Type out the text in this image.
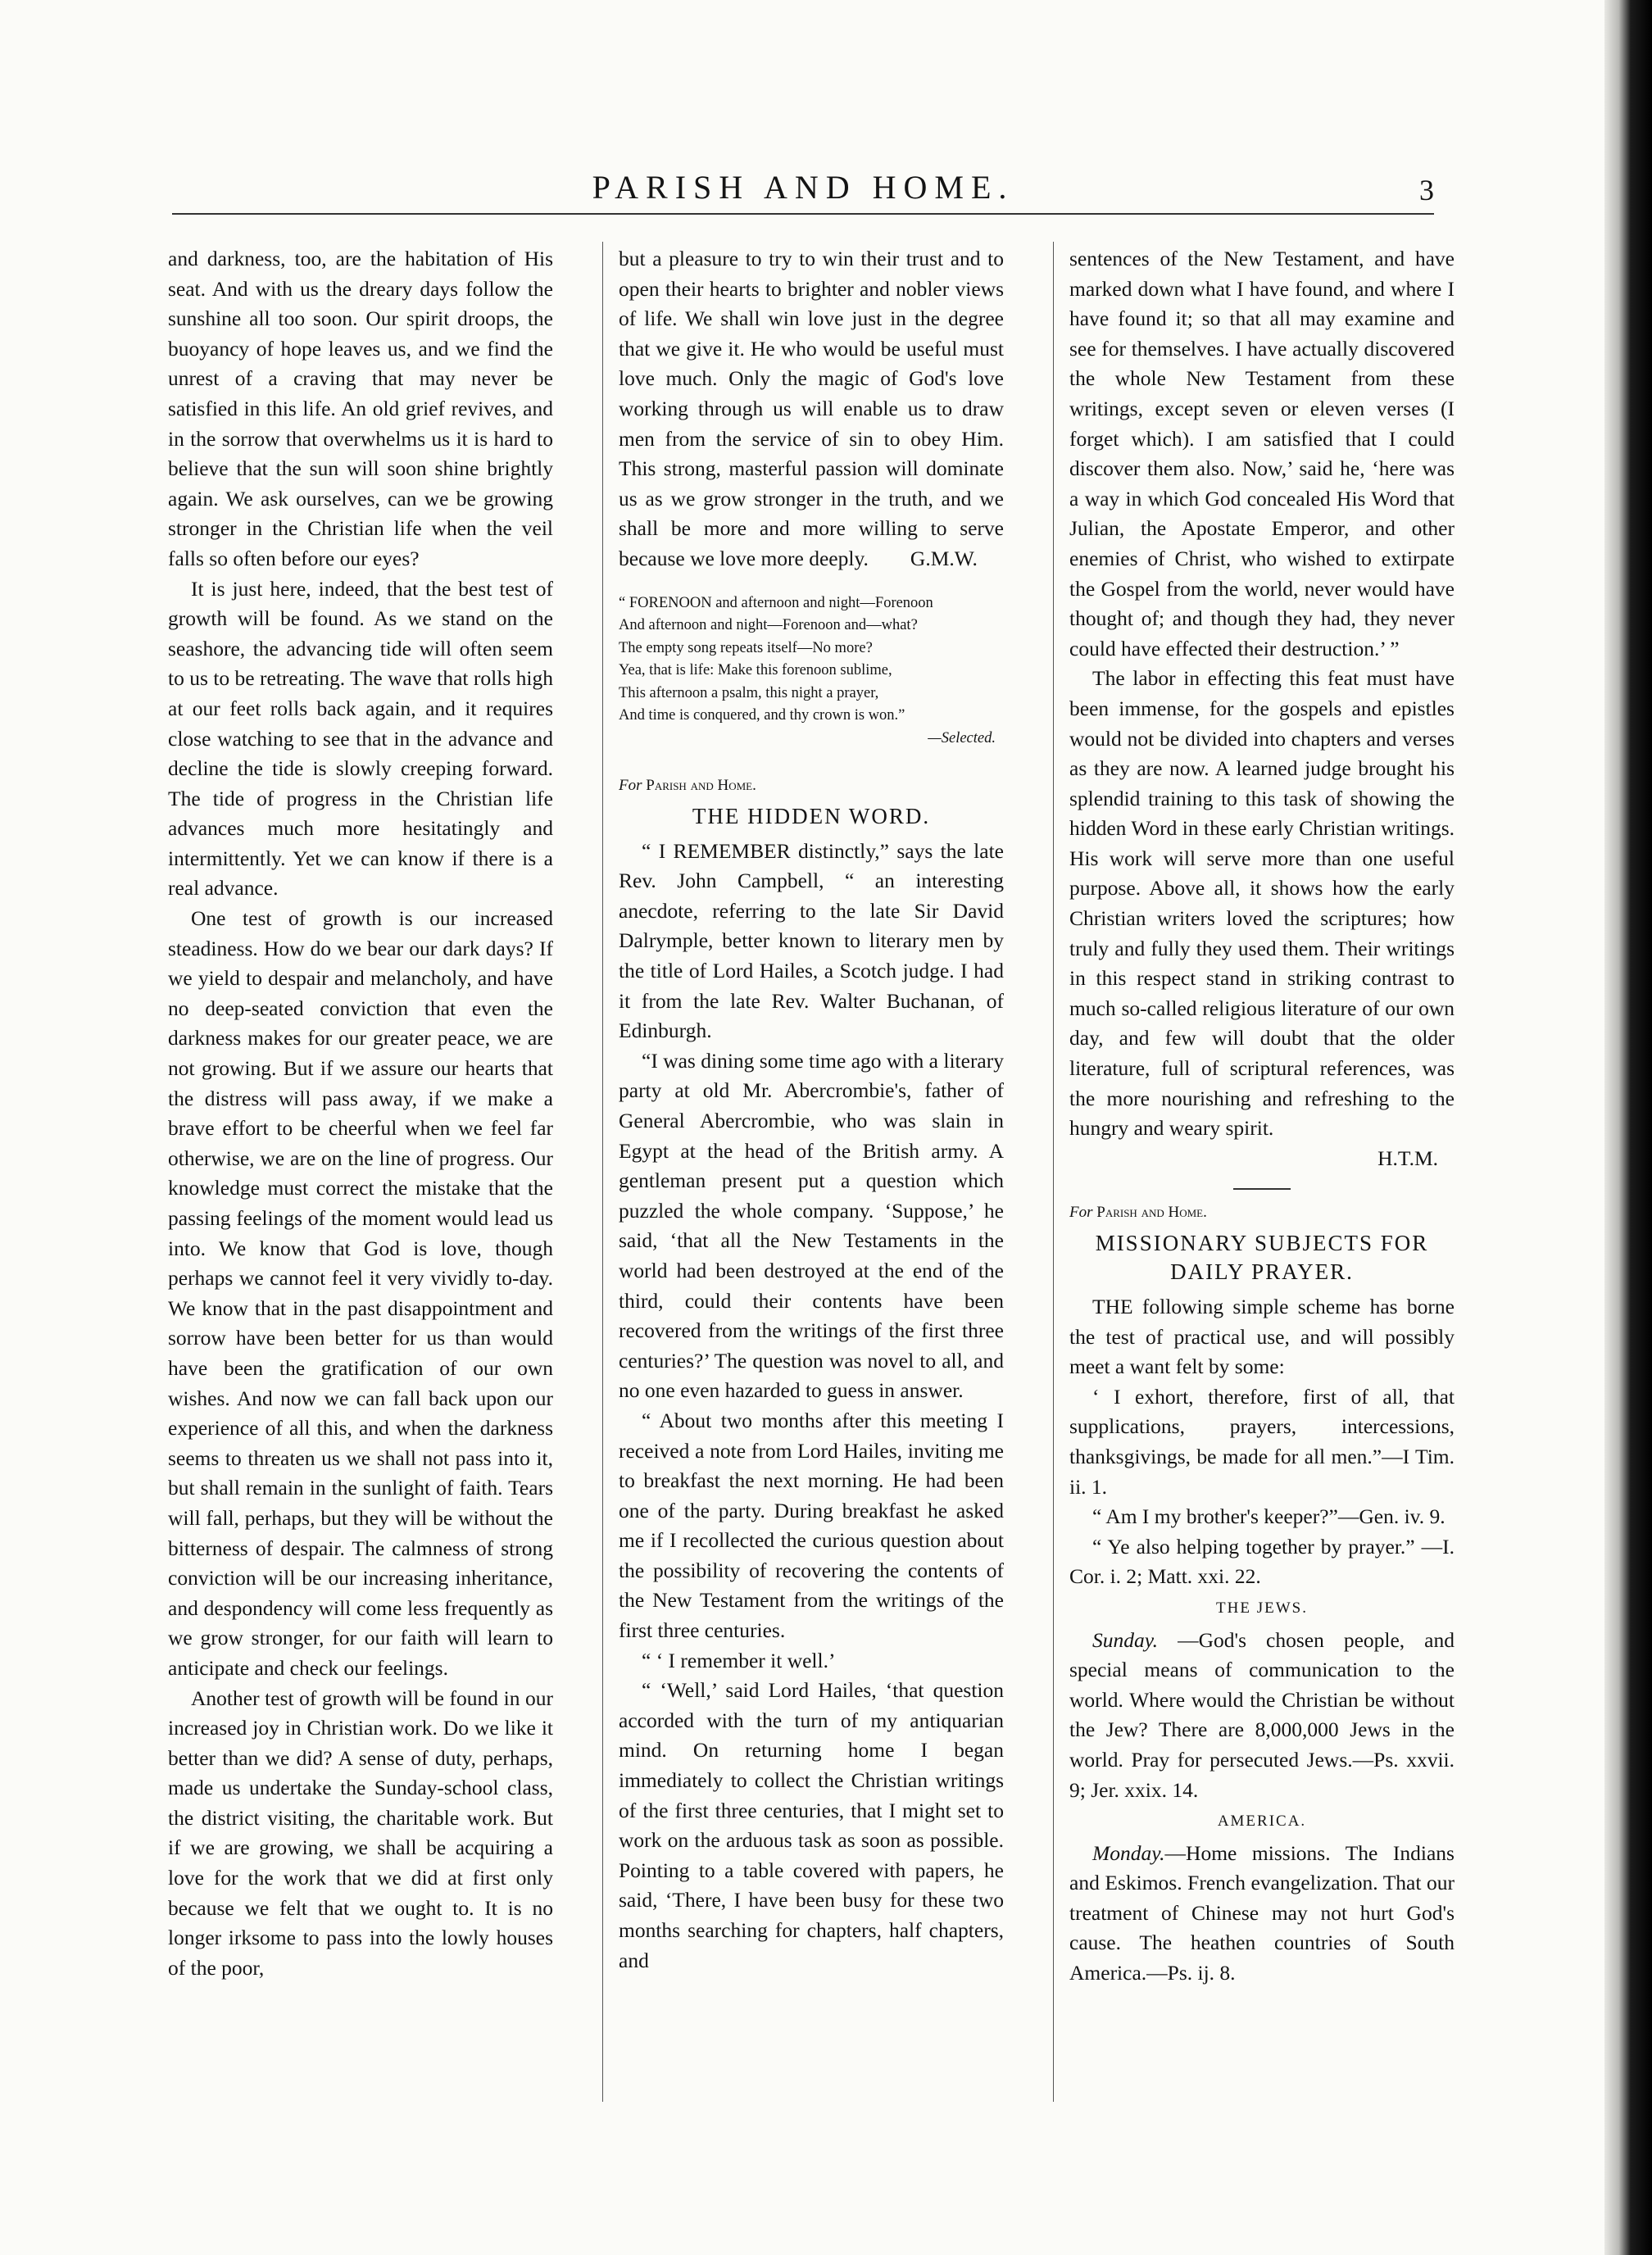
PARISH AND HOME.	3

and darkness, too, are the habitation of His seat. And with us the dreary days follow the sunshine all too soon. Our spirit droops, the buoyancy of hope leaves us, and we find the unrest of a craving that may never be satisfied in this life. An old grief revives, and in the sorrow that overwhelms us it is hard to believe that the sun will soon shine brightly again. We ask ourselves, can we be growing stronger in the Christian life when the veil falls so often before our eyes?

It is just here, indeed, that the best test of growth will be found. As we stand on the seashore, the advancing tide will often seem to us to be retreating. The wave that rolls high at our feet rolls back again, and it requires close watching to see that in the advance and decline the tide is slowly creeping forward. The tide of progress in the Christian life advances much more hesitatingly and intermittently. Yet we can know if there is a real advance.

One test of growth is our increased steadiness. How do we bear our dark days? If we yield to despair and melancholy, and have no deep-seated conviction that even the darkness makes for our greater peace, we are not growing. But if we assure our hearts that the distress will pass away, if we make a brave effort to be cheerful when we feel far otherwise, we are on the line of progress. Our knowledge must correct the mistake that the passing feelings of the moment would lead us into. We know that God is love, though perhaps we cannot feel it very vividly to-day. We know that in the past disappointment and sorrow have been better for us than would have been the gratification of our own wishes. And now we can fall back upon our experience of all this, and when the darkness seems to threaten us we shall not pass into it, but shall remain in the sunlight of faith. Tears will fall, perhaps, but they will be without the bitterness of despair. The calmness of strong conviction will be our increasing inheritance, and despondency will come less frequently as we grow stronger, for our faith will learn to anticipate and check our feelings.

Another test of growth will be found in our increased joy in Christian work. Do we like it better than we did? A sense of duty, perhaps, made us undertake the Sunday-school class, the district visiting, the charitable work. But if we are growing, we shall be acquiring a love for the work that we did at first only because we felt that we ought to. It is no longer irksome to pass into the lowly houses of the poor,

but a pleasure to try to win their trust and to open their hearts to brighter and nobler views of life. We shall win love just in the degree that we give it. He who would be useful must love much. Only the magic of God's love working through us will enable us to draw men from the service of sin to obey Him. This strong, masterful passion will dominate us as we grow stronger in the truth, and we shall be more and more willing to serve because we love more deeply. G.M.W.

“ FORENOON and afternoon and night—Forenoon
And afternoon and night—Forenoon and—what?
The empty song repeats itself—No more?
Yea, that is life: Make this forenoon sublime,
This afternoon a psalm, this night a prayer,
And time is conquered, and thy crown is won.”
—Selected.
For Parish and Home.
THE HIDDEN WORD.

“ I REMEMBER distinctly,” says the late Rev. John Campbell, “ an interesting anecdote, referring to the late Sir David Dalrymple, better known to literary men by the title of Lord Hailes, a Scotch judge. I had it from the late Rev. Walter Buchanan, of Edinburgh.

“I was dining some time ago with a literary party at old Mr. Abercrombie's, father of General Abercrombie, who was slain in Egypt at the head of the British army. A gentleman present put a question which puzzled the whole company. ‘Suppose,’ he said, ‘that all the New Testaments in the world had been destroyed at the end of the third, could their contents have been recovered from the writings of the first three centuries?’ The question was novel to all, and no one even hazarded to guess in answer.

“ About two months after this meeting I received a note from Lord Hailes, inviting me to breakfast the next morning. He had been one of the party. During breakfast he asked me if I recollected the curious question about the possibility of recovering the contents of the New Testament from the writings of the first three centuries.

“ ‘ I remember it well.’

“ ‘Well,’ said Lord Hailes, ‘that question accorded with the turn of my antiquarian mind. On returning home I began immediately to collect the Christian writings of the first three centuries, that I might set to work on the arduous task as soon as possible. Pointing to a table covered with papers, he said, ‘There, I have been busy for these two months searching for chapters, half chapters, and

sentences of the New Testament, and have marked down what I have found, and where I have found it; so that all may examine and see for themselves. I have actually discovered the whole New Testament from these writings, except seven or eleven verses (I forget which). I am satisfied that I could discover them also. Now,’ said he, ‘here was a way in which God concealed His Word that Julian, the Apostate Emperor, and other enemies of Christ, who wished to extirpate the Gospel from the world, never would have thought of; and though they had, they never could have effected their destruction.’ ”

The labor in effecting this feat must have been immense, for the gospels and epistles would not be divided into chapters and verses as they are now. A learned judge brought his splendid training to this task of showing the hidden Word in these early Christian writings. His work will serve more than one useful purpose. Above all, it shows how the early Christian writers loved the scriptures; how truly and fully they used them. Their writings in this respect stand in striking contrast to much so-called religious literature of our own day, and few will doubt that the older literature, full of scriptural references, was the more nourishing and refreshing to the hungry and weary spirit.

H.T.M.
For Parish and Home.
MISSIONARY SUBJECTS FOR
DAILY PRAYER.

THE following simple scheme has borne the test of practical use, and will possibly meet a want felt by some:

‘ I exhort, therefore, first of all, that supplications, prayers, intercessions, thanksgivings, be made for all men.”—I Tim. ii. 1.

“ Am I my brother's keeper?”—Gen. iv. 9.

“ Ye also helping together by prayer.” —I. Cor. i. 2; Matt. xxi. 22.

THE JEWS.

Sunday. —God's chosen people, and special means of communication to the world. Where would the Christian be without the Jew? There are 8,000,000 Jews in the world. Pray for persecuted Jews.—Ps. xxvii. 9; Jer. xxix. 14.

AMERICA.

Monday.—Home missions. The Indians and Eskimos. French evangelization. That our treatment of Chinese may not hurt God's cause. The heathen countries of South America.—Ps. ij. 8.
